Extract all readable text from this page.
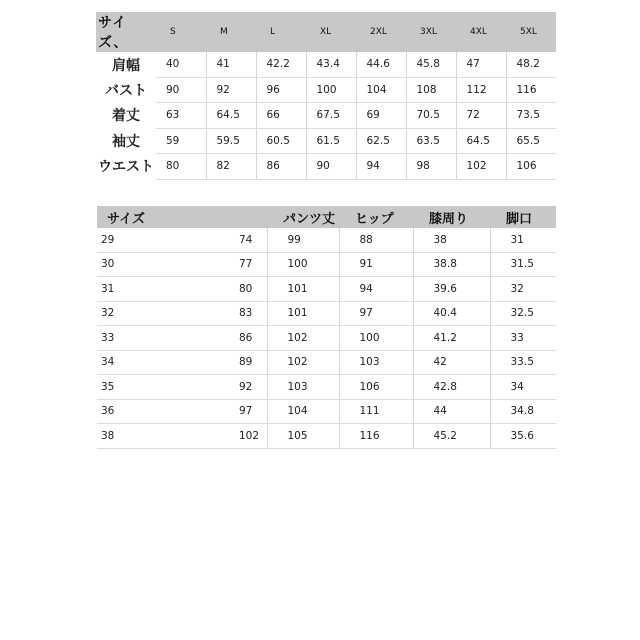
サイズ、	S	M	L	XL	2XL	3XL	4XL	5XL
肩幅	40	41	42.2	43.4	44.6	45.8	47	48.2
バスト	90	92	96	100	104	108	112	116
着丈	63	64.5	66	67.5	69	70.5	72	73.5
袖丈	59	59.5	60.5	61.5	62.5	63.5	64.5	65.5
ウエスト	80	82	86	90	94	98	102	106
サイズ		パンツ丈	ヒップ	膝周り	脚口
29	74	99	88	38	31
30	77	100	91	38.8	31.5
31	80	101	94	39.6	32
32	83	101	97	40.4	32.5
33	86	102	100	41.2	33
34	89	102	103	42	33.5
35	92	103	106	42.8	34
36	97	104	111	44	34.8
38	102	105	116	45.2	35.6
